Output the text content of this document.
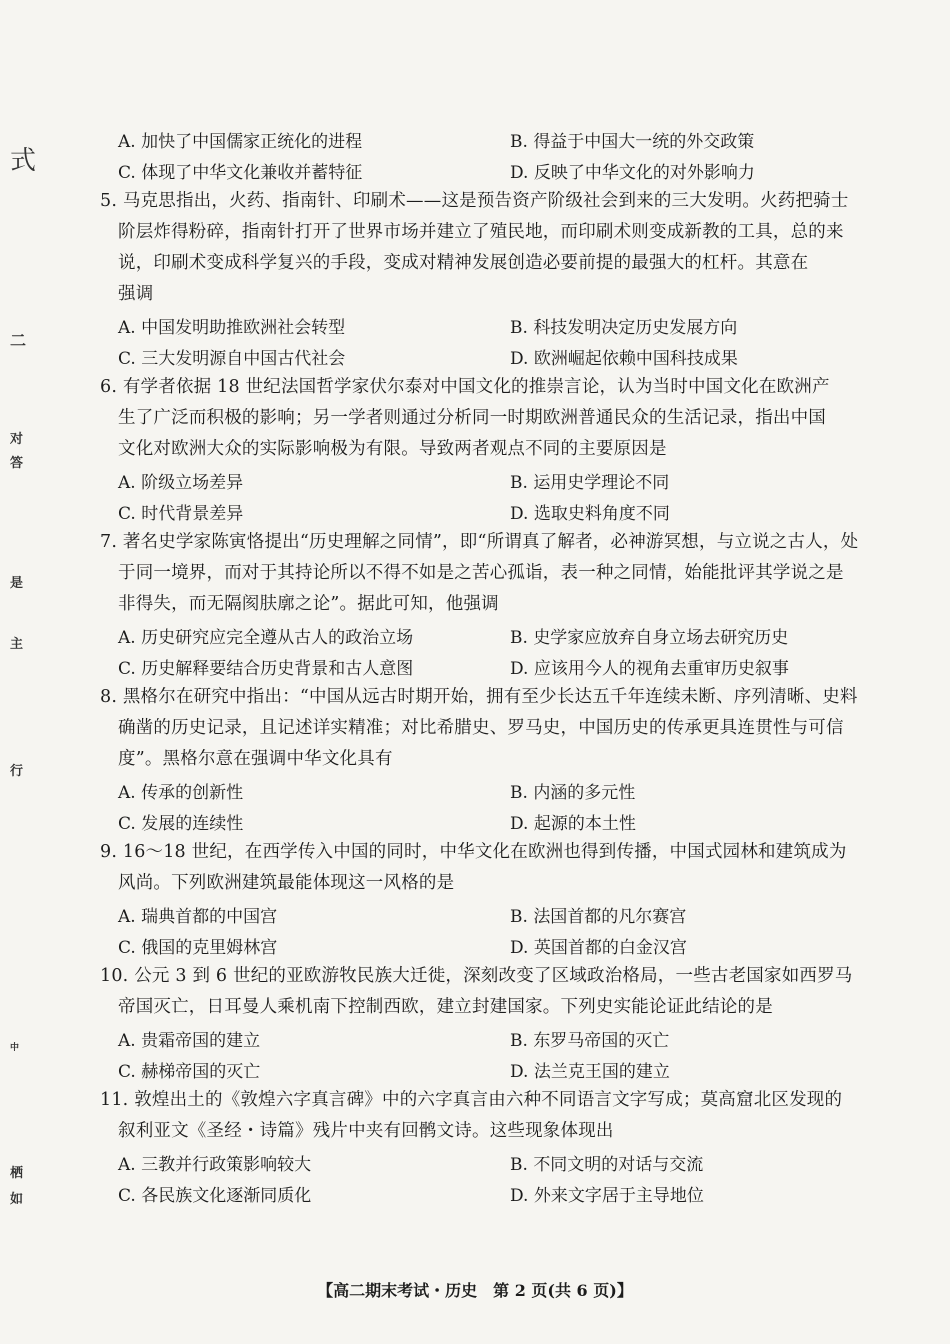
式
二
对
答
是
主
行
中
栖
如
A. 加快了中国儒家正统化的进程	B. 得益于中国大一统的外交政策
C. 体现了中华文化兼收并蓄特征	D. 反映了中华文化的对外影响力
5. 马克思指出，火药、指南针、印刷术——这是预告资产阶级社会到来的三大发明。火药把骑士
阶层炸得粉碎，指南针打开了世界市场并建立了殖民地，而印刷术则变成新教的工具，总的来
说，印刷术变成科学复兴的手段，变成对精神发展创造必要前提的最强大的杠杆。其意在
强调
A. 中国发明助推欧洲社会转型	B. 科技发明决定历史发展方向
C. 三大发明源自中国古代社会	D. 欧洲崛起依赖中国科技成果
6. 有学者依据 18 世纪法国哲学家伏尔泰对中国文化的推崇言论，认为当时中国文化在欧洲产
生了广泛而积极的影响；另一学者则通过分析同一时期欧洲普通民众的生活记录，指出中国
文化对欧洲大众的实际影响极为有限。导致两者观点不同的主要原因是
A. 阶级立场差异	B. 运用史学理论不同
C. 时代背景差异	D. 选取史料角度不同
7. 著名史学家陈寅恪提出“历史理解之同情”，即“所谓真了解者，必神游冥想，与立说之古人，处
于同一境界，而对于其持论所以不得不如是之苦心孤诣，表一种之同情，始能批评其学说之是
非得失，而无隔阂肤廓之论”。据此可知，他强调
A. 历史研究应完全遵从古人的政治立场	B. 史学家应放弃自身立场去研究历史
C. 历史解释要结合历史背景和古人意图	D. 应该用今人的视角去重审历史叙事
8. 黑格尔在研究中指出：“中国从远古时期开始，拥有至少长达五千年连续未断、序列清晰、史料
确凿的历史记录，且记述详实精准；对比希腊史、罗马史，中国历史的传承更具连贯性与可信
度”。黑格尔意在强调中华文化具有
A. 传承的创新性	B. 内涵的多元性
C. 发展的连续性	D. 起源的本土性
9. 16～18 世纪，在西学传入中国的同时，中华文化在欧洲也得到传播，中国式园林和建筑成为
风尚。下列欧洲建筑最能体现这一风格的是
A. 瑞典首都的中国宫	B. 法国首都的凡尔赛宫
C. 俄国的克里姆林宫	D. 英国首都的白金汉宫
10. 公元 3 到 6 世纪的亚欧游牧民族大迁徙，深刻改变了区域政治格局，一些古老国家如西罗马
帝国灭亡，日耳曼人乘机南下控制西欧，建立封建国家。下列史实能论证此结论的是
A. 贵霜帝国的建立	B. 东罗马帝国的灭亡
C. 赫梯帝国的灭亡	D. 法兰克王国的建立
11. 敦煌出土的《敦煌六字真言碑》中的六字真言由六种不同语言文字写成；莫高窟北区发现的
叙利亚文《圣经・诗篇》残片中夹有回鹘文诗。这些现象体现出
A. 三教并行政策影响较大	B. 不同文明的对话与交流
C. 各民族文化逐渐同质化	D. 外来文字居于主导地位
【高二期末考试・历史　第 2 页(共 6 页)】
